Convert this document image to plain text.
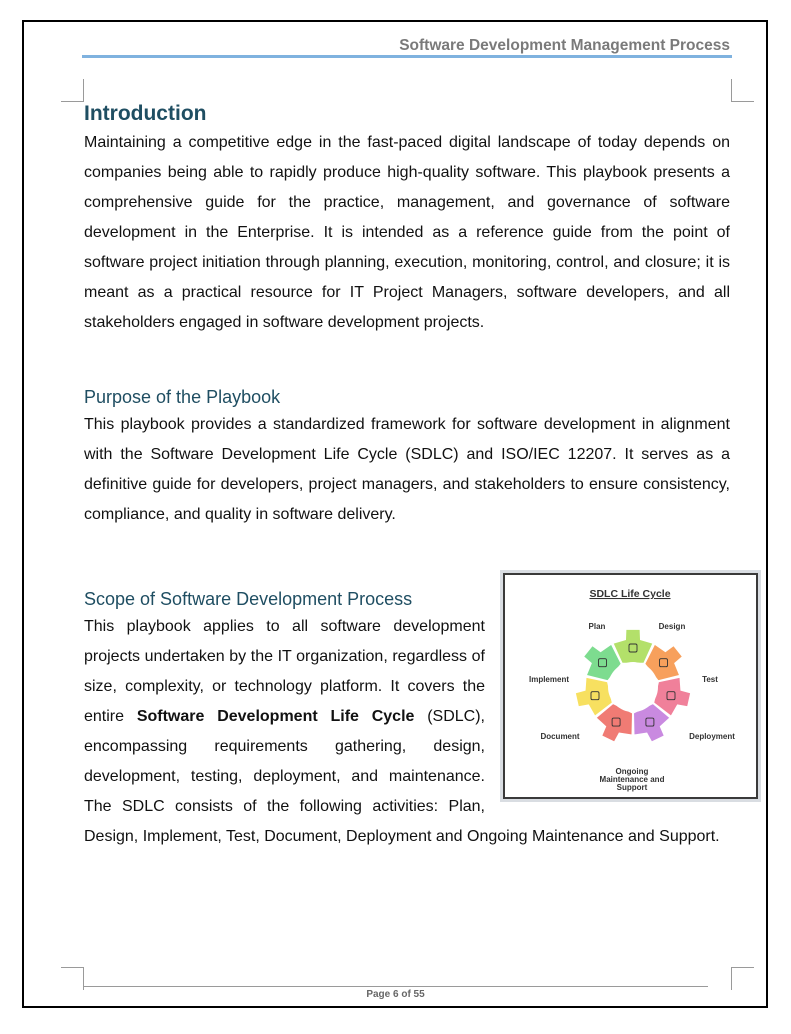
Software Development Management Process
Introduction

Maintaining a competitive edge in the fast-paced digital landscape of today depends on companies being able to rapidly produce high-quality software. This playbook presents a comprehensive guide for the practice, management, and governance of software development in the Enterprise. It is intended as a reference guide from the point of software project initiation through planning, execution, monitoring, control, and closure; it is meant as a practical resource for IT Project Managers, software developers, and all stakeholders engaged in software development projects.

Purpose of the Playbook

This playbook provides a standardized framework for software development in alignment with the Software Development Life Cycle (SDLC) and ISO/IEC 12207. It serves as a definitive guide for developers, project managers, and stakeholders to ensure consistency, compliance, and quality in software delivery.

SDLC Life Cycle
Plan	Design
Test
Deployment
Ongoing
Maintenance and
Support
Document
Implement
Scope of Software Development Process

This playbook applies to all software development projects undertaken by the IT organization, regardless of size, complexity, or technology platform. It covers the entire Software Development Life Cycle (SDLC), encompassing requirements gathering, design, development, testing, deployment, and maintenance. The SDLC consists of the following activities: Plan, Design, Implement, Test, Document, Deployment and Ongoing Maintenance and Support.

Page 6 of 55
